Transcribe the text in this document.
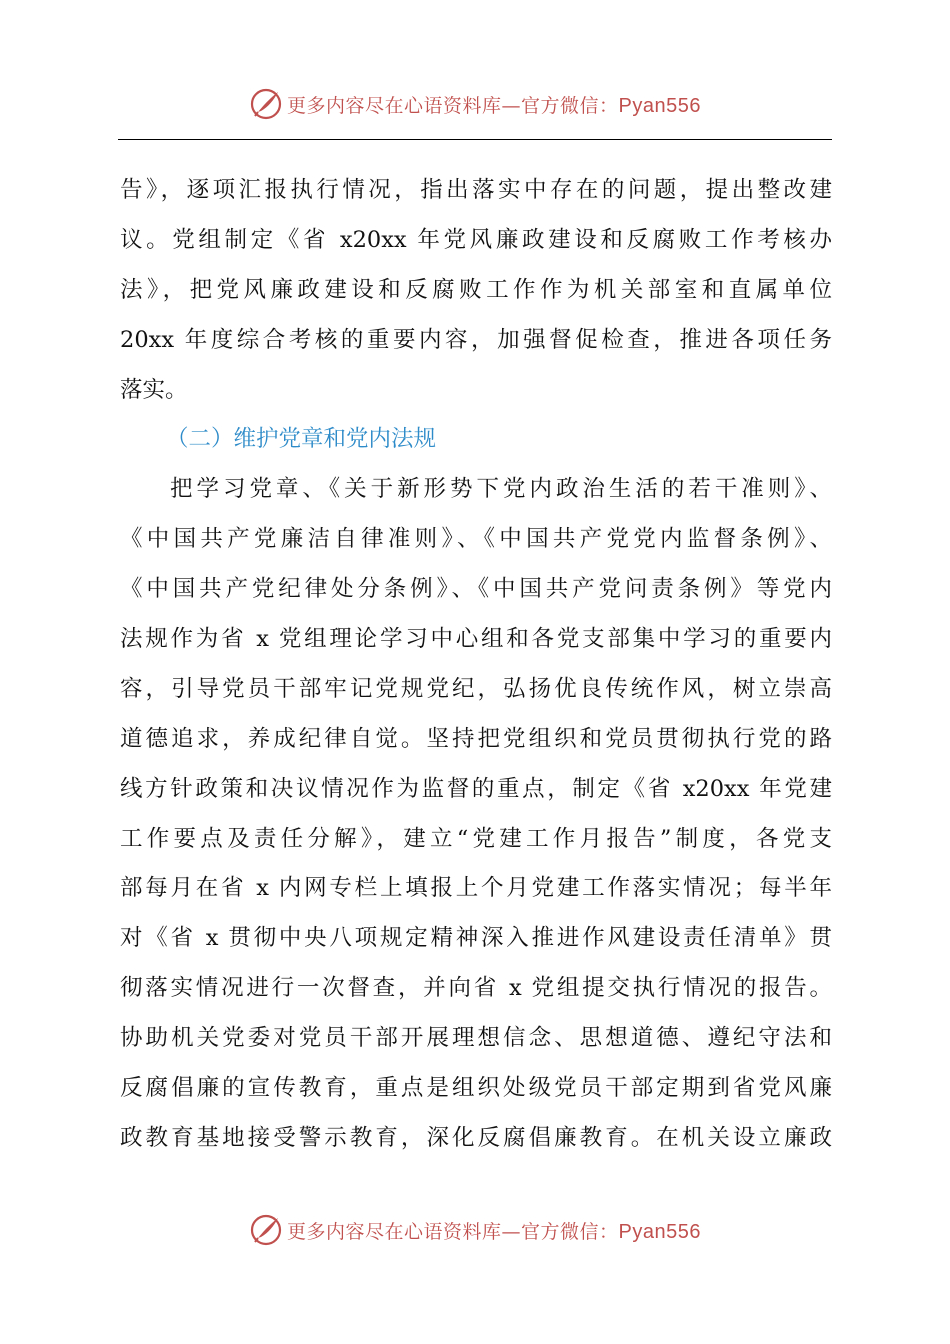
更多内容尽在心语资料库—官方微信：Pyan556
告》，逐项汇报执行情况，指出落实中存在的问题，提出整改建
议。党组制定《省 x20xx 年党风廉政建设和反腐败工作考核办
法》，把党风廉政建设和反腐败工作作为机关部室和直属单位
20xx 年度综合考核的重要内容，加强督促检查，推进各项任务
落实。
（二）维护党章和党内法规
把学习党章、《关于新形势下党内政治生活的若干准则》、
《中国共产党廉洁自律准则》、《中国共产党党内监督条例》、
《中国共产党纪律处分条例》、《中国共产党问责条例》等党内
法规作为省 x 党组理论学习中心组和各党支部集中学习的重要内
容，引导党员干部牢记党规党纪，弘扬优良传统作风，树立崇高
道德追求，养成纪律自觉。坚持把党组织和党员贯彻执行党的路
线方针政策和决议情况作为监督的重点，制定《省 x20xx 年党建
工作要点及责任分解》，建立“党建工作月报告”制度，各党支
部每月在省 x 内网专栏上填报上个月党建工作落实情况；每半年
对《省 x 贯彻中央八项规定精神深入推进作风建设责任清单》贯
彻落实情况进行一次督查，并向省 x 党组提交执行情况的报告。
协助机关党委对党员干部开展理想信念、思想道德、遵纪守法和
反腐倡廉的宣传教育，重点是组织处级党员干部定期到省党风廉
政教育基地接受警示教育，深化反腐倡廉教育。在机关设立廉政
更多内容尽在心语资料库—官方微信：Pyan556
